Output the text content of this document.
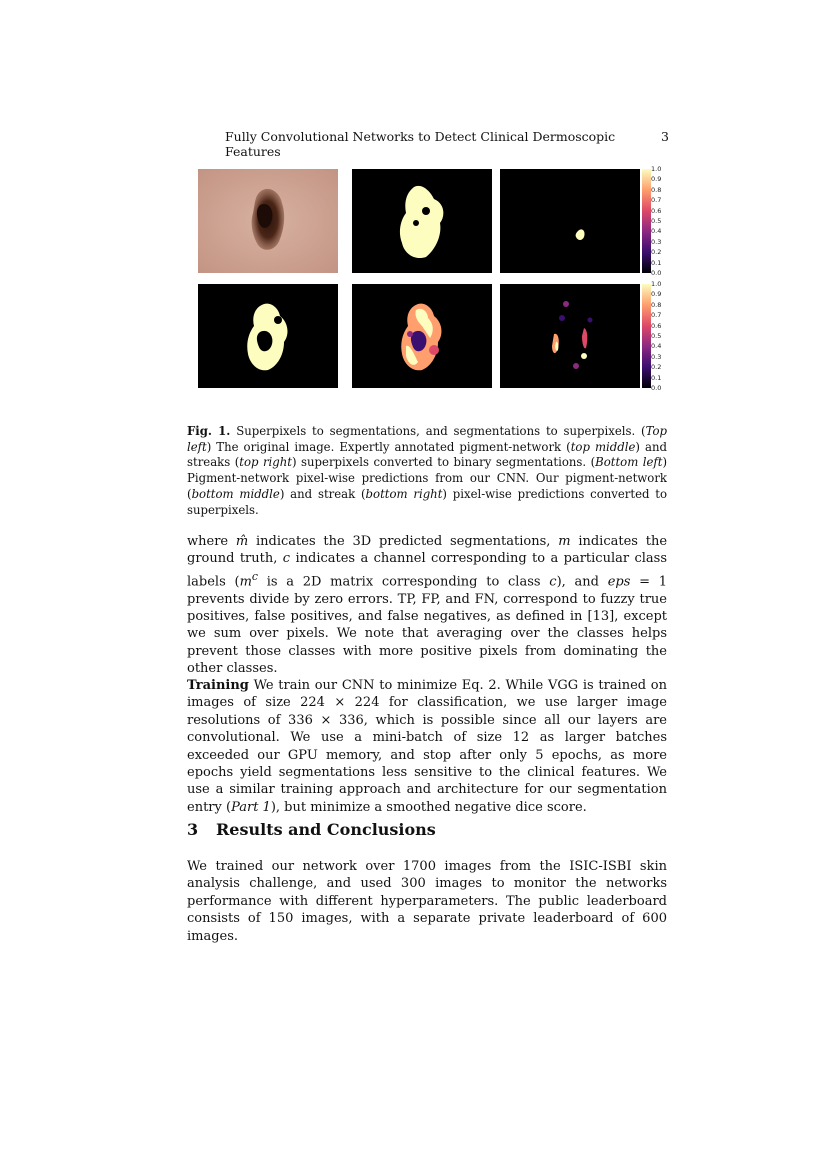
Fully Convolutional Networks to Detect Clinical Dermoscopic Features
3
1.0
0.9
0.8
0.7
0.6
0.5
0.4
0.3
0.2
0.1
0.0
1.0
0.9
0.8
0.7
0.6
0.5
0.4
0.3
0.2
0.1
0.0
Fig. 1. Superpixels to segmentations, and segmentations to superpixels. (Top left) The original image. Expertly annotated pigment-network (top middle) and streaks (top right) superpixels converted to binary segmentations. (Bottom left) Pigment-network pixel-wise predictions from our CNN. Our pigment-network (bottom middle) and streak (bottom right) pixel-wise predictions converted to superpixels.
where m̂ indicates the 3D predicted segmentations, m indicates the ground truth, c indicates a channel corresponding to a particular class labels ($m^c$ is a 2D matrix corresponding to class c), and eps = 1 prevents divide by zero errors. TP, FP, and FN, correspond to fuzzy true positives, false positives, and false negatives, as defined in [13], except we sum over pixels. We note that averaging over the classes helps prevent those classes with more positive pixels from dominating the other classes.
Training We train our CNN to minimize Eq. 2. While VGG is trained on images of size 224 × 224 for classification, we use larger image resolutions of 336 × 336, which is possible since all our layers are convolutional. We use a mini-batch of size 12 as larger batches exceeded our GPU memory, and stop after only 5 epochs, as more epochs yield segmentations less sensitive to the clinical features. We use a similar training approach and architecture for our segmentation entry (Part 1), but minimize a smoothed negative dice score.
3 Results and Conclusions
We trained our network over 1700 images from the ISIC-ISBI skin analysis challenge, and used 300 images to monitor the networks performance with different hyperparameters. The public leaderboard consists of 150 images, with a separate private leaderboard of 600 images.
